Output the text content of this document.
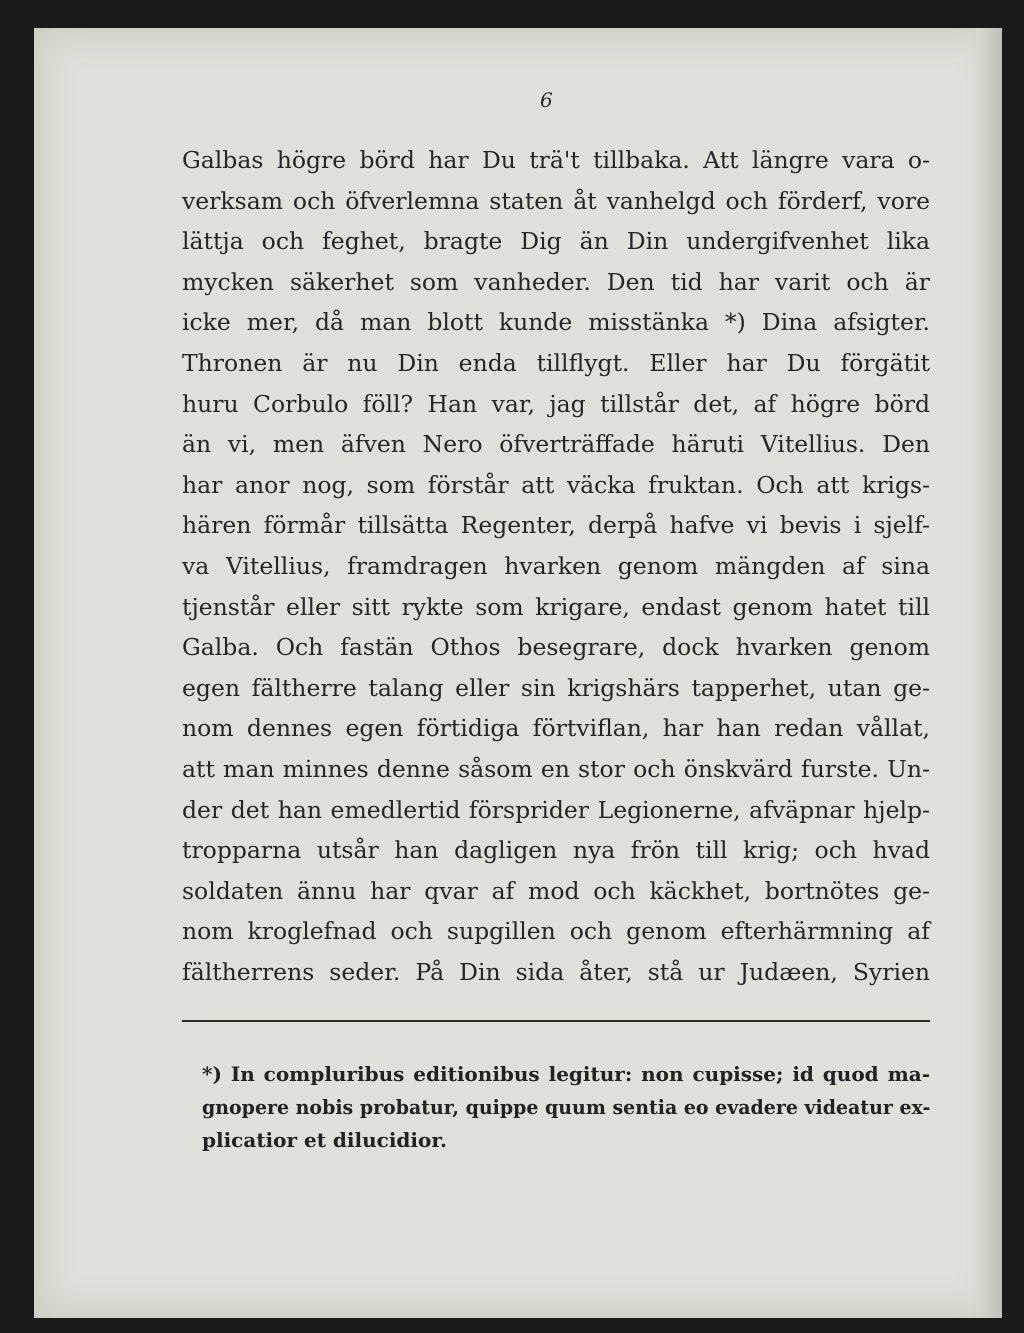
6
Galbas högre börd har Du trä't tillbaka. Att längre vara o-
verksam och öfverlemna staten åt vanhelgd och förderf, vore
lättja och feghet, bragte Dig än Din undergifvenhet lika
mycken säkerhet som vanheder. Den tid har varit och är
icke mer, då man blott kunde misstänka *) Dina afsigter.
Thronen är nu Din enda tillflygt. Eller har Du förgätit
huru Corbulo föll? Han var, jag tillstår det, af högre börd
än vi, men äfven Nero öfverträffade häruti Vitellius. Den
har anor nog, som förstår att väcka fruktan. Och att krigs-
hären förmår tillsätta Regenter, derpå hafve vi bevis i sjelf-
va Vitellius, framdragen hvarken genom mängden af sina
tjenstår eller sitt rykte som krigare, endast genom hatet till
Galba. Och fastän Othos besegrare, dock hvarken genom
egen fältherre talang eller sin krigshärs tapperhet, utan ge-
nom dennes egen förtidiga förtviflan, har han redan vållat,
att man minnes denne såsom en stor och önskvärd furste. Un-
der det han emedlertid försprider Legionerne, afväpnar hjelp-
tropparna utsår han dagligen nya frön till krig; och hvad
soldaten ännu har qvar af mod och käckhet, bortnötes ge-
nom kroglefnad och supgillen och genom efterhärmning af
fältherrens seder. På Din sida åter, stå ur Judæen, Syrien
*) In compluribus editionibus legitur: non cupisse; id quod ma-
gnopere nobis probatur, quippe quum sentia eo evadere videatur ex-
plicatior et dilucidior.
